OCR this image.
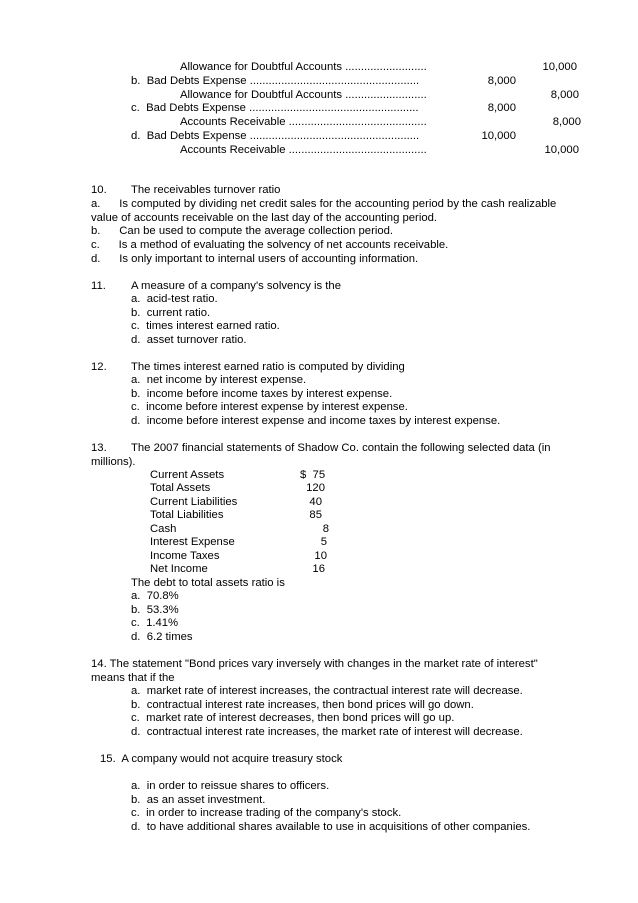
Allowance for Doubtful Accounts ..........................	10,000
b.  Bad Debts Expense ......................................................	8,000
Allowance for Doubtful Accounts ..........................	8,000
c.  Bad Debts Expense ......................................................	8,000
Accounts Receivable ............................................	8,000
d.  Bad Debts Expense ......................................................	10,000
Accounts Receivable ............................................	10,000
10. The receivables turnover ratio
a.      Is computed by dividing net credit sales for the accounting period by the cash realizable
value of accounts receivable on the last day of the accounting period.
b.      Can be used to compute the average collection period.
c.      Is a method of evaluating the solvency of net accounts receivable.
d.      Is only important to internal users of accounting information.
11. A measure of a company's solvency is the
a.  acid-test ratio.
b.  current ratio.
c.  times interest earned ratio.
d.  asset turnover ratio.
12. The times interest earned ratio is computed by dividing
a.  net income by interest expense.
b.  income before income taxes by interest expense.
c.  income before interest expense by interest expense.
d.  income before interest expense and income taxes by interest expense.
13. The 2007 financial statements of Shadow Co. contain the following selected data (in
millions).
Current Assets	$  75
Total Assets	120
Current Liabilities	40
Total Liabilities	85
Cash	8
Interest Expense	5
Income Taxes	10
Net Income	16
The debt to total assets ratio is
a.  70.8%
b.  53.3%
c.  1.41%
d.  6.2 times
14. The statement "Bond prices vary inversely with changes in the market rate of interest"
means that if the
a.  market rate of interest increases, the contractual interest rate will decrease.
b.  contractual interest rate increases, then bond prices will go down.
c.  market rate of interest decreases, then bond prices will go up.
d.  contractual interest rate increases, the market rate of interest will decrease.
15.  A company would not acquire treasury stock
a.  in order to reissue shares to officers.
b.  as an asset investment.
c.  in order to increase trading of the company's stock.
d.  to have additional shares available to use in acquisitions of other companies.
